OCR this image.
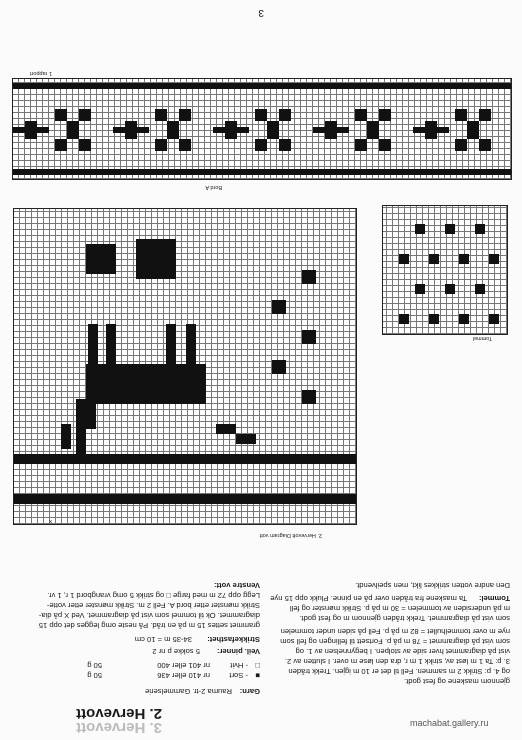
3
1 rapport
Bord A
Tommel
x
2. Hervevott Diagram vott
Den andre votten strikkes likt, men speilvendt.
Tommel:
Ta maskene fra tråden over på en pinne. Plukk opp 15 nye
m på undersiden av tommelen = 30 m på p. Strikk mønster og fell
som vist på diagrammet. Trekk tråden gjennom m og fest godt.
nye m over tommelhullet = 82 m på p. Fell på siden under tommelen
som vist på diagrammet = 78 m på p. Fortsett til fellingen og fell som
vist på diagrammet hver side av stolpen. I begynnelsen av 1. og
3. p: Ta 1 m løst av, strikk 1 m r, dra den løse m over. I slutten av 2.
og 4. p: Strikk 2 m sammen. Fell til det er 10 m igjen. Trekk tråden
gjennom maskene og fest godt.
Venstre vott:
Legg opp 72 m med farge □ og strikk 5 omg vrangbord 1 r, 1 vr.
Strikk mønster etter bord A. Fell 2 m. Strikk mønster etter votte-
diagrammet. Ok til tommel som vist på diagrammet. Ved X på dia-
grammet settes 15 m på en tråd. På neste omg legges det opp 15
Strikkefasthet:
34-35 m = 10 cm
Veil. pinner:
5 sokke p nr 2
□
- Hvit
nr 401 eller 400
50 g
■
- Sort
nr 410 eller 436
50 g
Garn:
Rauma 2-tr. Gammelserie
2. Hervevott
3. Hervevott	machabat.gallery.ru
